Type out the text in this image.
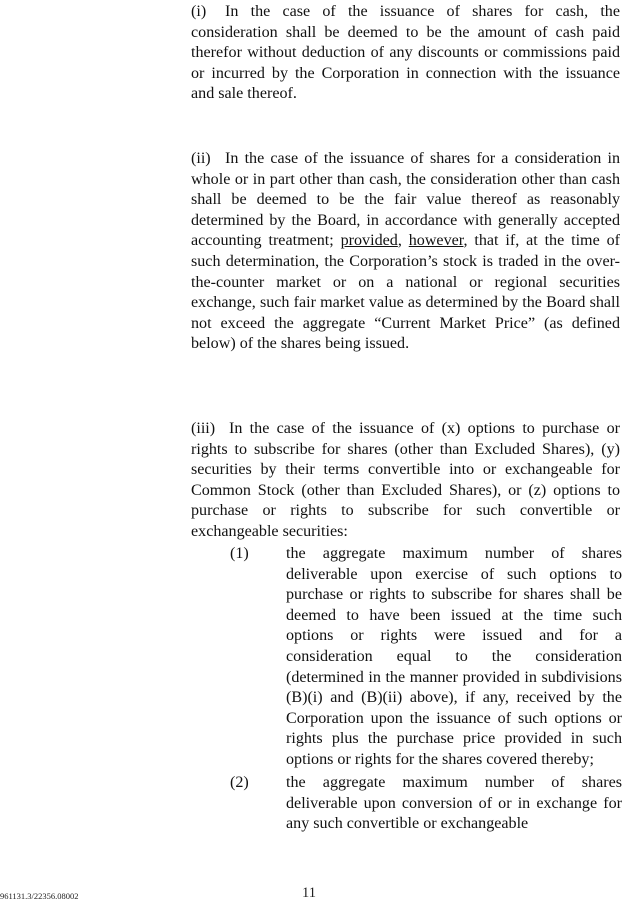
(i) In the case of the issuance of shares for cash, the consideration shall be deemed to be the amount of cash paid therefor without deduction of any discounts or commissions paid or incurred by the Corporation in connection with the issuance and sale thereof.

(ii) In the case of the issuance of shares for a consideration in whole or in part other than cash, the consideration other than cash shall be deemed to be the fair value thereof as reasonably determined by the Board, in accordance with generally accepted accounting treatment; provided, however, that if, at the time of such determination, the Corporation’s stock is traded in the over-the-counter market or on a national or regional securities exchange, such fair market value as determined by the Board shall not exceed the aggregate “Current Market Price” (as defined below) of the shares being issued.

(iii) In the case of the issuance of (x) options to purchase or rights to subscribe for shares (other than Excluded Shares), (y) securities by their terms convertible into or exchangeable for Common Stock (other than Excluded Shares), or (z) options to purchase or rights to subscribe for such convertible or exchangeable securities:

(1)	the aggregate maximum number of shares deliverable upon exercise of such options to purchase or rights to subscribe for shares shall be deemed to have been issued at the time such options or rights were issued and for a consideration equal to the consideration (determined in the manner provided in subdivisions (B)(i) and (B)(ii) above), if any, received by the Corporation upon the issuance of such options or rights plus the purchase price provided in such options or rights for the shares covered thereby;
(2)	the aggregate maximum number of shares deliverable upon conversion of or in exchange for any such convertible or exchangeable
961131.3/22356.08002	11
